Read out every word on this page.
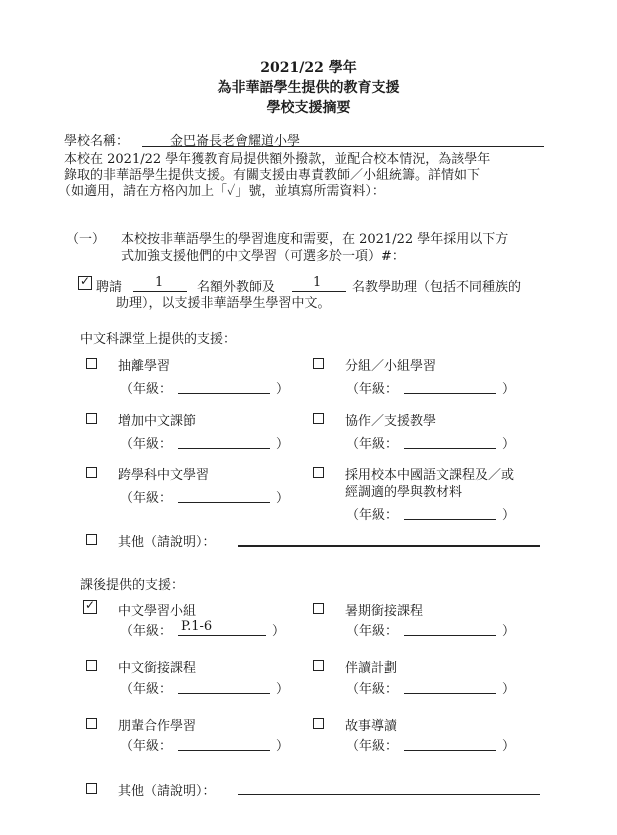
2021/22 學年
為非華語學生提供的教育支援
學校支援摘要
學校名稱：	金巴崙長老會耀道小學
本校在 2021/22 學年獲教育局提供額外撥款，並配合校本情況，為該學年
錄取的非華語學生提供支援。有關支援由專責教師／小組統籌。詳情如下
（如適用，請在方格內加上「✓」號，並填寫所需資料）：
（一） 本校按非華語學生的學習進度和需要，在 2021/22 學年採用以下方
式加強支援他們的中文學習（可選多於一項）#：
✓ 聘請	1	名額外教師及	1 名教學助理（包括不同種族的
助理），以支援非華語學生學習中文。
中文科課堂上提供的支援：
抽離學習
（年級：	）
分組／小組學習
（年級：	）
增加中文課節
（年級：	）
協作／支援教學
（年級：	）
跨學科中文學習
（年級：	）
採用校本中國語文課程及／或
經調適的學與教材料
（年級：	）
其他（請說明）：
課後提供的支援：
✓ 中文學習小組
（年級： P.1-6	）
暑期銜接課程
（年級：	）
中文銜接課程
（年級：	）
伴讀計劃
（年級：	）
朋輩合作學習
（年級：	）
故事導讀
（年級：	）
其他（請說明）：
